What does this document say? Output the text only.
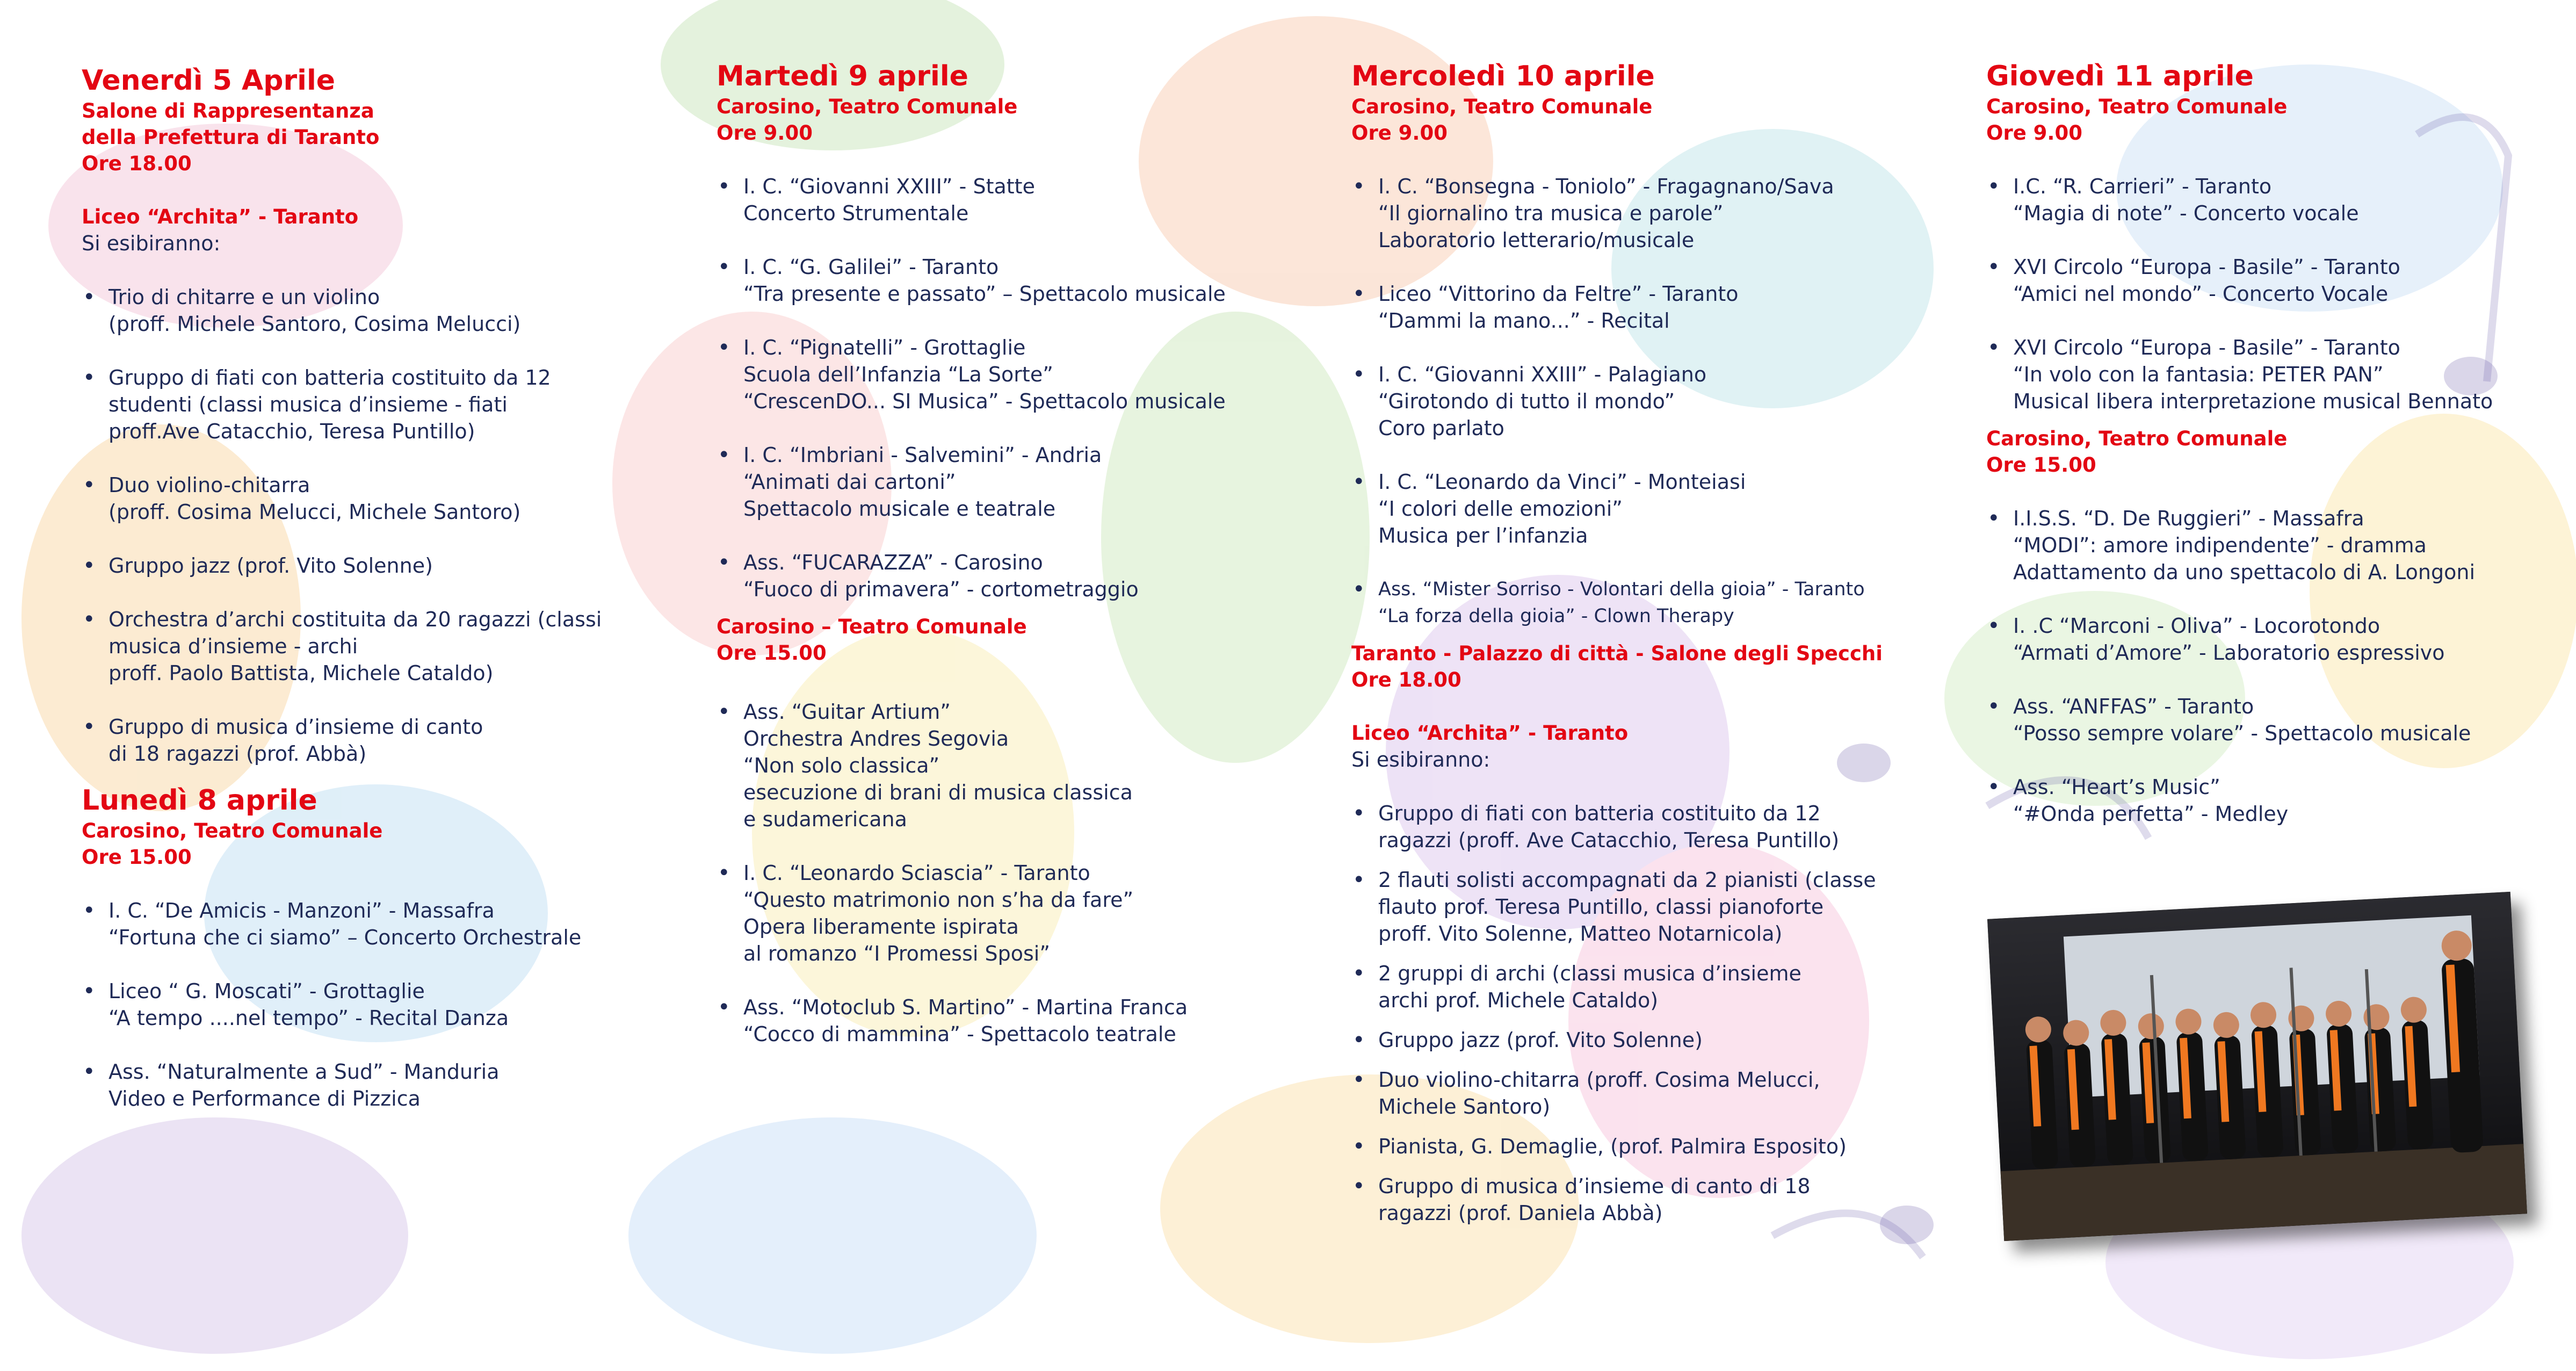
Venerdì 5 Aprile

Salone di Rappresentanza

della Prefettura di Taranto

Ore 18.00

Liceo “Archita” - Taranto

Si esibiranno:

• Trio di chitarre e un violino
(proff. Michele Santoro, Cosima Melucci)
• Gruppo di fiati con batteria costituito da 12
studenti (classi musica d’insieme - fiati
proff.Ave Catacchio, Teresa Puntillo)
• Duo violino-chitarra
(proff. Cosima Melucci, Michele Santoro)
• Gruppo jazz (prof. Vito Solenne)
• Orchestra d’archi costituita da 20 ragazzi (classi
musica d’insieme - archi
proff. Paolo Battista, Michele Cataldo)
• Gruppo di musica d’insieme di canto
di 18 ragazzi (prof. Abbà)
Lunedì 8 aprile

Carosino, Teatro Comunale

Ore 15.00

• I. C. “De Amicis - Manzoni” - Massafra
“Fortuna che ci siamo” – Concerto Orchestrale
• Liceo “ G. Moscati” - Grottaglie
“A tempo ....nel tempo” - Recital Danza
• Ass. “Naturalmente a Sud” - Manduria
Video e Performance di Pizzica
Martedì 9 aprile

Carosino, Teatro Comunale

Ore 9.00

• I. C. “Giovanni XXIII” - Statte
Concerto Strumentale
• I. C. “G. Galilei” - Taranto
“Tra presente e passato” – Spettacolo musicale
• I. C. “Pignatelli” - Grottaglie
Scuola dell’Infanzia “La Sorte”
“CrescenDO... SI Musica” - Spettacolo musicale
• I. C. “Imbriani - Salvemini” - Andria
“Animati dai cartoni”
Spettacolo musicale e teatrale
• Ass. “FUCARAZZA” - Carosino
“Fuoco di primavera” - cortometraggio

Carosino – Teatro Comunale

Ore 15.00

• Ass. “Guitar Artium”
Orchestra Andres Segovia
“Non solo classica”
esecuzione di brani di musica classica
e sudamericana
• I. C. “Leonardo Sciascia” - Taranto
“Questo matrimonio non s’ha da fare”
Opera liberamente ispirata
al romanzo “I Promessi Sposi”
• Ass. “Motoclub S. Martino” - Martina Franca
“Cocco di mammina” - Spettacolo teatrale
Mercoledì 10 aprile

Carosino, Teatro Comunale

Ore 9.00

• I. C. “Bonsegna - Toniolo” - Fragagnano/Sava
“Il giornalino tra musica e parole”
Laboratorio letterario/musicale
• Liceo “Vittorino da Feltre” - Taranto
“Dammi la mano...” - Recital
• I. C. “Giovanni XXIII” - Palagiano
“Girotondo di tutto il mondo”
Coro parlato
• I. C. “Leonardo da Vinci” - Monteiasi
“I colori delle emozioni”
Musica per l’infanzia
• Ass. “Mister Sorriso - Volontari della gioia” - Taranto
“La forza della gioia” - Clown Therapy

Taranto - Palazzo di città - Salone degli Specchi

Ore 18.00

Liceo “Archita” - Taranto

Si esibiranno:

• Gruppo di fiati con batteria costituito da 12
ragazzi (proff. Ave Catacchio, Teresa Puntillo)
• 2 flauti solisti accompagnati da 2 pianisti (classe
flauto prof. Teresa Puntillo, classi pianoforte
proff. Vito Solenne, Matteo Notarnicola)
• 2 gruppi di archi (classi musica d’insieme
archi prof. Michele Cataldo)
• Gruppo jazz (prof. Vito Solenne)
• Duo violino-chitarra (proff. Cosima Melucci,
Michele Santoro)
• Pianista, G. Demaglie, (prof. Palmira Esposito)
• Gruppo di musica d’insieme di canto di 18
ragazzi (prof. Daniela Abbà)
Giovedì 11 aprile

Carosino, Teatro Comunale

Ore 9.00

• I.C. “R. Carrieri” - Taranto
“Magia di note” - Concerto vocale
• XVI Circolo “Europa - Basile” - Taranto
“Amici nel mondo” - Concerto Vocale
• XVI Circolo “Europa - Basile” - Taranto
“In volo con la fantasia: PETER PAN”
Musical libera interpretazione musical Bennato

Carosino, Teatro Comunale

Ore 15.00

• I.I.S.S. “D. De Ruggieri” - Massafra
“MODI”: amore indipendente” - dramma
Adattamento da uno spettacolo di A. Longoni
• I. .C “Marconi - Oliva” - Locorotondo
“Armati d’Amore” - Laboratorio espressivo
• Ass. “ANFFAS” - Taranto
“Posso sempre volare” - Spettacolo musicale
• Ass. “Heart’s Music”
“#Onda perfetta” - Medley
